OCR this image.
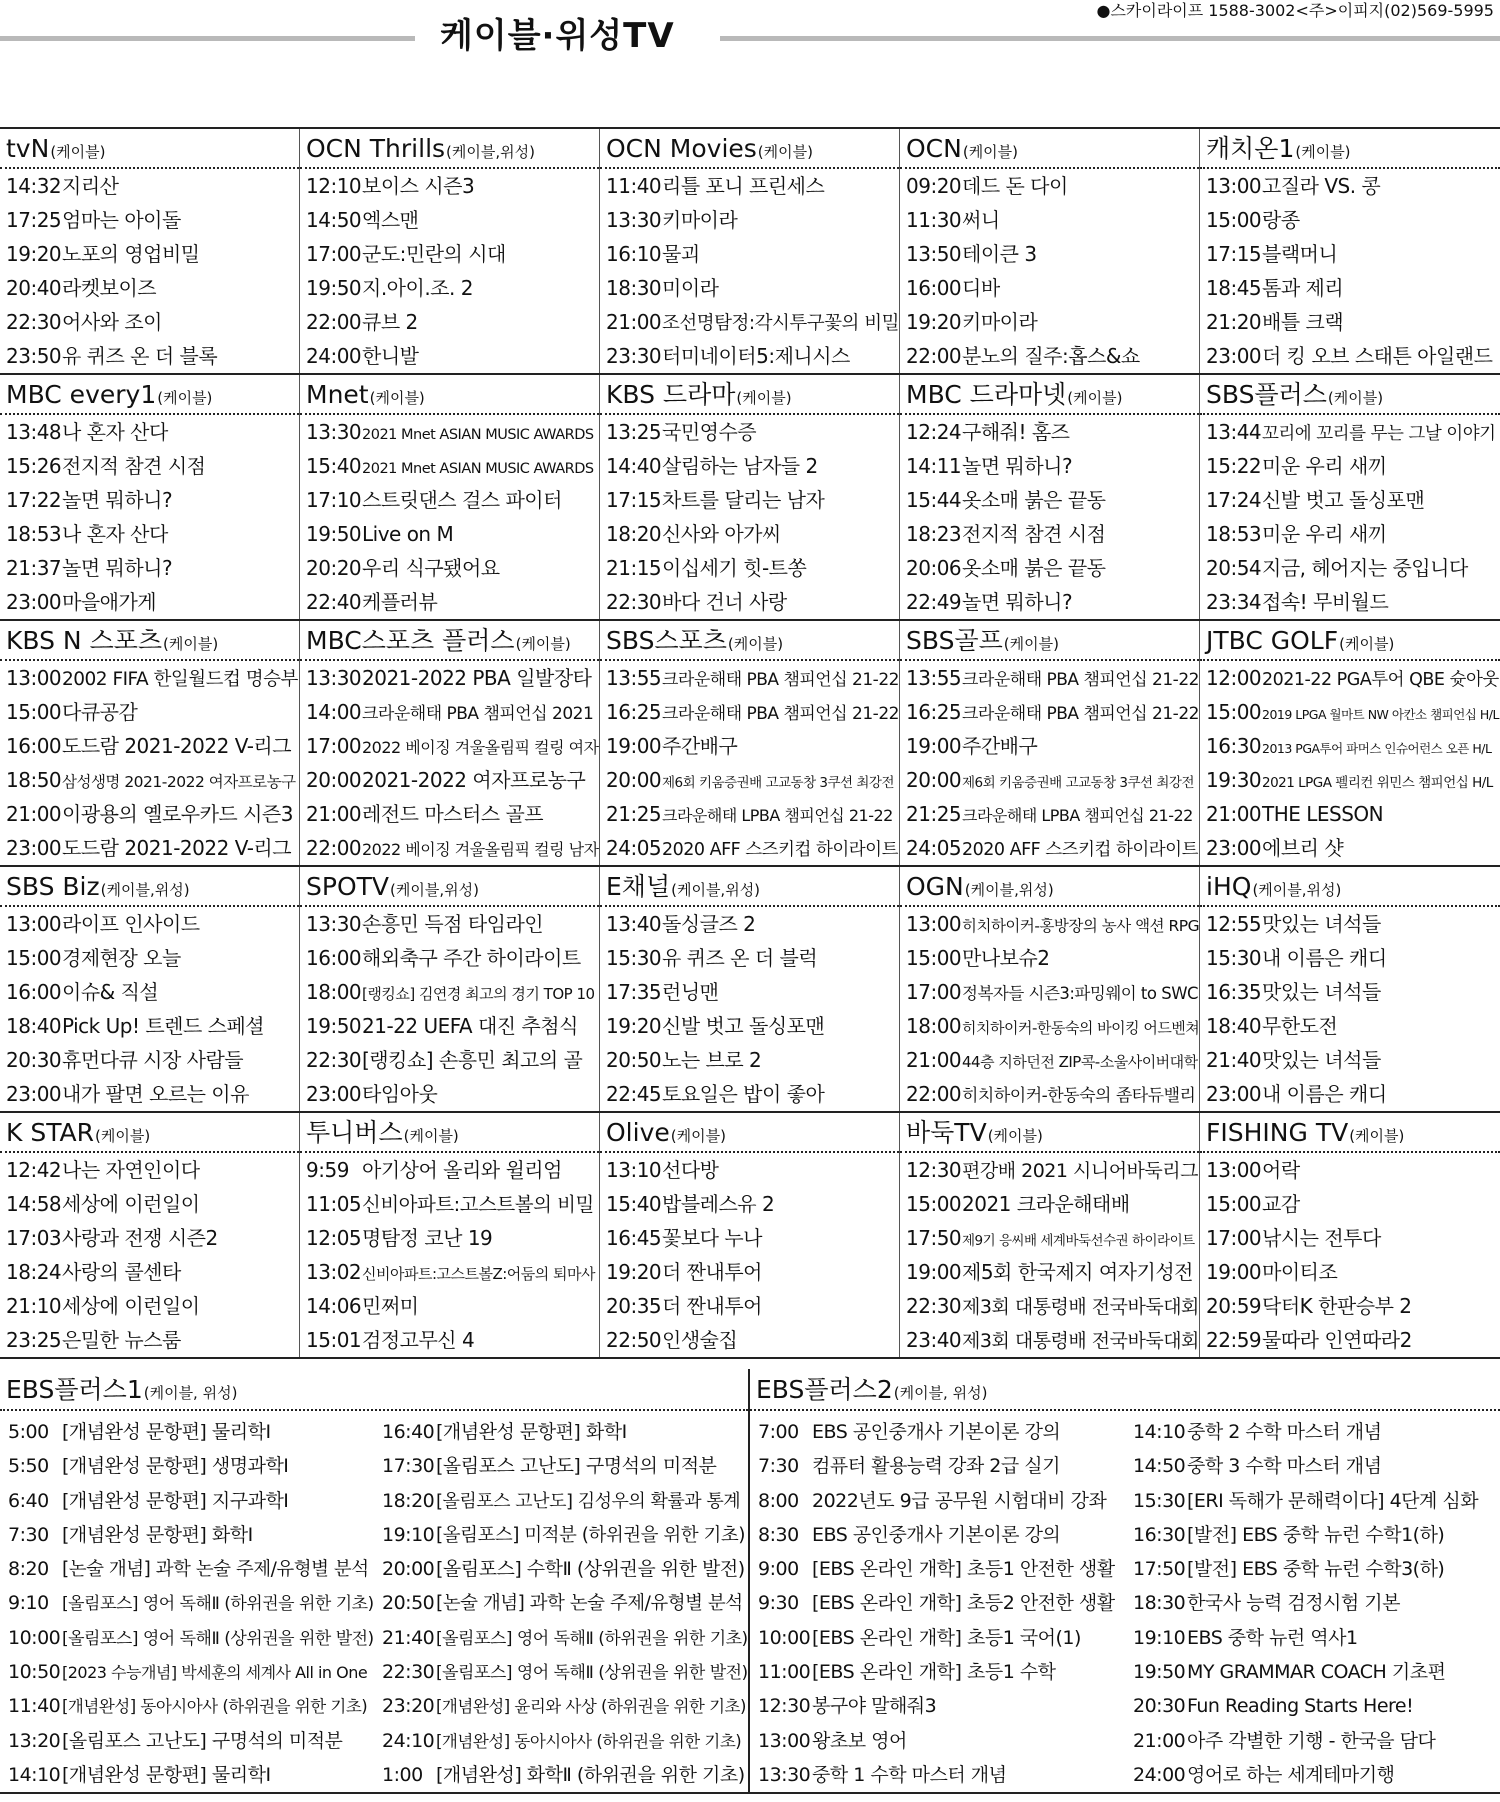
케이블·위성TV
●스카이라이프 1588-3002<주>이피지(02)569-5995
tvN(케이블)
14:32지리산
17:25엄마는 아이돌
19:20노포의 영업비밀
20:40라켓보이즈
22:30어사와 조이
23:50유 퀴즈 온 더 블록
OCN Thrills(케이블,위성)
12:10보이스 시즌3
14:50엑스맨
17:00군도:민란의 시대
19:50지.아이.조. 2
22:00큐브 2
24:00한니발
OCN Movies(케이블)
11:40리틀 포니 프린세스
13:30키마이라
16:10물괴
18:30미이라
21:00조선명탐정:각시투구꽃의 비밀
23:30터미네이터5:제니시스
OCN(케이블)
09:20데드 돈 다이
11:30써니
13:50테이큰 3
16:00디바
19:20키마이라
22:00분노의 질주:홉스&쇼
캐치온1(케이블)
13:00고질라 VS. 콩
15:00랑종
17:15블랙머니
18:45톰과 제리
21:20배틀 크랙
23:00더 킹 오브 스태튼 아일랜드
MBC every1(케이블)
13:48나 혼자 산다
15:26전지적 참견 시점
17:22놀면 뭐하니?
18:53나 혼자 산다
21:37놀면 뭐하니?
23:00마을애가게
Mnet(케이블)
13:302021 Mnet ASIAN MUSIC AWARDS
15:402021 Mnet ASIAN MUSIC AWARDS
17:10스트릿댄스 걸스 파이터
19:50Live on M
20:20우리 식구됐어요
22:40케플러뷰
KBS 드라마(케이블)
13:25국민영수증
14:40살림하는 남자들 2
17:15차트를 달리는 남자
18:20신사와 아가씨
21:15이십세기 힛-트쏭
22:30바다 건너 사랑
MBC 드라마넷(케이블)
12:24구해줘! 홈즈
14:11놀면 뭐하니?
15:44옷소매 붉은 끝동
18:23전지적 참견 시점
20:06옷소매 붉은 끝동
22:49놀면 뭐하니?
SBS플러스(케이블)
13:44꼬리에 꼬리를 무는 그날 이야기
15:22미운 우리 새끼
17:24신발 벗고 돌싱포맨
18:53미운 우리 새끼
20:54지금, 헤어지는 중입니다
23:34접속! 무비월드
KBS N 스포츠(케이블)
13:002002 FIFA 한일월드컵 명승부
15:00다큐공감
16:00도드람 2021-2022 V-리그
18:50삼성생명 2021-2022 여자프로농구
21:00이광용의 옐로우카드 시즌3
23:00도드람 2021-2022 V-리그
MBC스포츠 플러스(케이블)
13:302021-2022 PBA 일발장타
14:00크라운해태 PBA 챔피언십 2021
17:002022 베이징 겨울올림픽 컬링 여자
20:002021-2022 여자프로농구
21:00레전드 마스터스 골프
22:002022 베이징 겨울올림픽 컬링 남자
SBS스포츠(케이블)
13:55크라운해태 PBA 챔피언십 21-22
16:25크라운해태 PBA 챔피언십 21-22
19:00주간배구
20:00제6회 키움증권배 고교동창 3쿠션 최강전
21:25크라운해태 LPBA 챔피언십 21-22
24:052020 AFF 스즈키컵 하이라이트
SBS골프(케이블)
13:55크라운해태 PBA 챔피언십 21-22
16:25크라운해태 PBA 챔피언십 21-22
19:00주간배구
20:00제6회 키움증권배 고교동창 3쿠션 최강전
21:25크라운해태 LPBA 챔피언십 21-22
24:052020 AFF 스즈키컵 하이라이트
JTBC GOLF(케이블)
12:002021-22 PGA투어 QBE 슛아웃
15:002019 LPGA 월마트 NW 아칸소 챔피언십 H/L
16:302013 PGA투어 파머스 인슈어런스 오픈 H/L
19:302021 LPGA 펠리컨 위민스 챔피언십 H/L
21:00THE LESSON
23:00에브리 샷
SBS Biz(케이블,위성)
13:00라이프 인사이드
15:00경제현장 오늘
16:00이슈& 직설
18:40Pick Up! 트렌드 스페셜
20:30휴먼다큐 시장 사람들
23:00내가 팔면 오르는 이유
SPOTV(케이블,위성)
13:30손흥민 득점 타임라인
16:00해외축구 주간 하이라이트
18:00[랭킹쇼] 김연경 최고의 경기 TOP 10
19:5021-22 UEFA 대진 추첨식
22:30[랭킹쇼] 손흥민 최고의 골
23:00타임아웃
E채널(케이블,위성)
13:40돌싱글즈 2
15:30유 퀴즈 온 더 블럭
17:35런닝맨
19:20신발 벗고 돌싱포맨
20:50노는 브로 2
22:45토요일은 밥이 좋아
OGN(케이블,위성)
13:00히치하이커-홍방장의 농사 액션 RPG
15:00만나보슈2
17:00정복자들 시즌3:파밍웨이 to SWC
18:00히치하이커-한동숙의 바이킹 어드벤쳐
21:0044층 지하던전 ZIP콕-소울사이버대학
22:00히치하이커-한동숙의 좀타듀밸리
iHQ(케이블,위성)
12:55맛있는 녀석들
15:30내 이름은 캐디
16:35맛있는 녀석들
18:40무한도전
21:40맛있는 녀석들
23:00내 이름은 캐디
K STAR(케이블)
12:42나는 자연인이다
14:58세상에 이런일이
17:03사랑과 전쟁 시즌2
18:24사랑의 콜센타
21:10세상에 이런일이
23:25은밀한 뉴스룸
투니버스(케이블)
9:59 아기상어 올리와 윌리엄
11:05신비아파트:고스트볼의 비밀
12:05명탐정 코난 19
13:02신비아파트:고스트볼Z:어둠의 퇴마사
14:06민쩌미
15:01검정고무신 4
Olive(케이블)
13:10선다방
15:40밥블레스유 2
16:45꽃보다 누나
19:20더 짠내투어
20:35더 짠내투어
22:50인생술집
바둑TV(케이블)
12:30편강배 2021 시니어바둑리그
15:002021 크라운해태배
17:50제9기 응씨배 세계바둑선수권 하이라이트
19:00제5회 한국제지 여자기성전
22:30제3회 대통령배 전국바둑대회
23:40제3회 대통령배 전국바둑대회
FISHING TV(케이블)
13:00어락
15:00교감
17:00낚시는 전투다
19:00마이티조
20:59닥터K 한판승부 2
22:59물따라 인연따라2
EBS플러스1(케이블, 위성)
5:00 [개념완성 문항편] 물리학Ⅰ
5:50 [개념완성 문항편] 생명과학Ⅰ
6:40 [개념완성 문항편] 지구과학Ⅰ
7:30 [개념완성 문항편] 화학Ⅰ
8:20 [논술 개념] 과학 논술 주제/유형별 분석
9:10 [올림포스] 영어 독해Ⅱ (하위권을 위한 기초)
10:00 [올림포스] 영어 독해Ⅱ (상위권을 위한 발전)
10:50 [2023 수능개념] 박세훈의 세계사 All in One
11:40 [개념완성] 동아시아사 (하위권을 위한 기초)
13:20[올림포스 고난도] 구명석의 미적분
14:10[개념완성 문항편] 물리학Ⅰ
16:40[개념완성 문항편] 화학Ⅰ
17:30[올림포스 고난도] 구명석의 미적분
18:20[올림포스 고난도] 김성우의 확률과 통계
19:10[올림포스] 미적분 (하위권을 위한 기초)
20:00[올림포스] 수학Ⅱ (상위권을 위한 발전)
20:50[논술 개념] 과학 논술 주제/유형별 분석
21:40 [올림포스] 영어 독해Ⅱ (하위권을 위한 기초)
22:30 [올림포스] 영어 독해Ⅱ (상위권을 위한 발전)
23:20 [개념완성] 윤리와 사상 (하위권을 위한 기초)
24:10 [개념완성] 동아시아사 (하위권을 위한 기초)
1:00 [개념완성] 화학Ⅱ (하위권을 위한 기초)
EBS플러스2(케이블, 위성)
7:00 EBS 공인중개사 기본이론 강의
7:30 컴퓨터 활용능력 강좌 2급 실기
8:00 2022년도 9급 공무원 시험대비 강좌
8:30 EBS 공인중개사 기본이론 강의
9:00 [EBS 온라인 개학] 초등1 안전한 생활
9:30 [EBS 온라인 개학] 초등2 안전한 생활
10:00[EBS 온라인 개학] 초등1 국어(1)
11:00[EBS 온라인 개학] 초등1 수학
12:30봉구야 말해줘3
13:00왕초보 영어
13:30중학 1 수학 마스터 개념
14:10중학 2 수학 마스터 개념
14:50중학 3 수학 마스터 개념
15:30[ERI 독해가 문해력이다] 4단계 심화
16:30[발전] EBS 중학 뉴런 수학1(하)
17:50[발전] EBS 중학 뉴런 수학3(하)
18:30한국사 능력 검정시험 기본
19:10EBS 중학 뉴런 역사1
19:50MY GRAMMAR COACH 기초편
20:30Fun Reading Starts Here!
21:00아주 각별한 기행 - 한국을 담다
24:00영어로 하는 세계테마기행
